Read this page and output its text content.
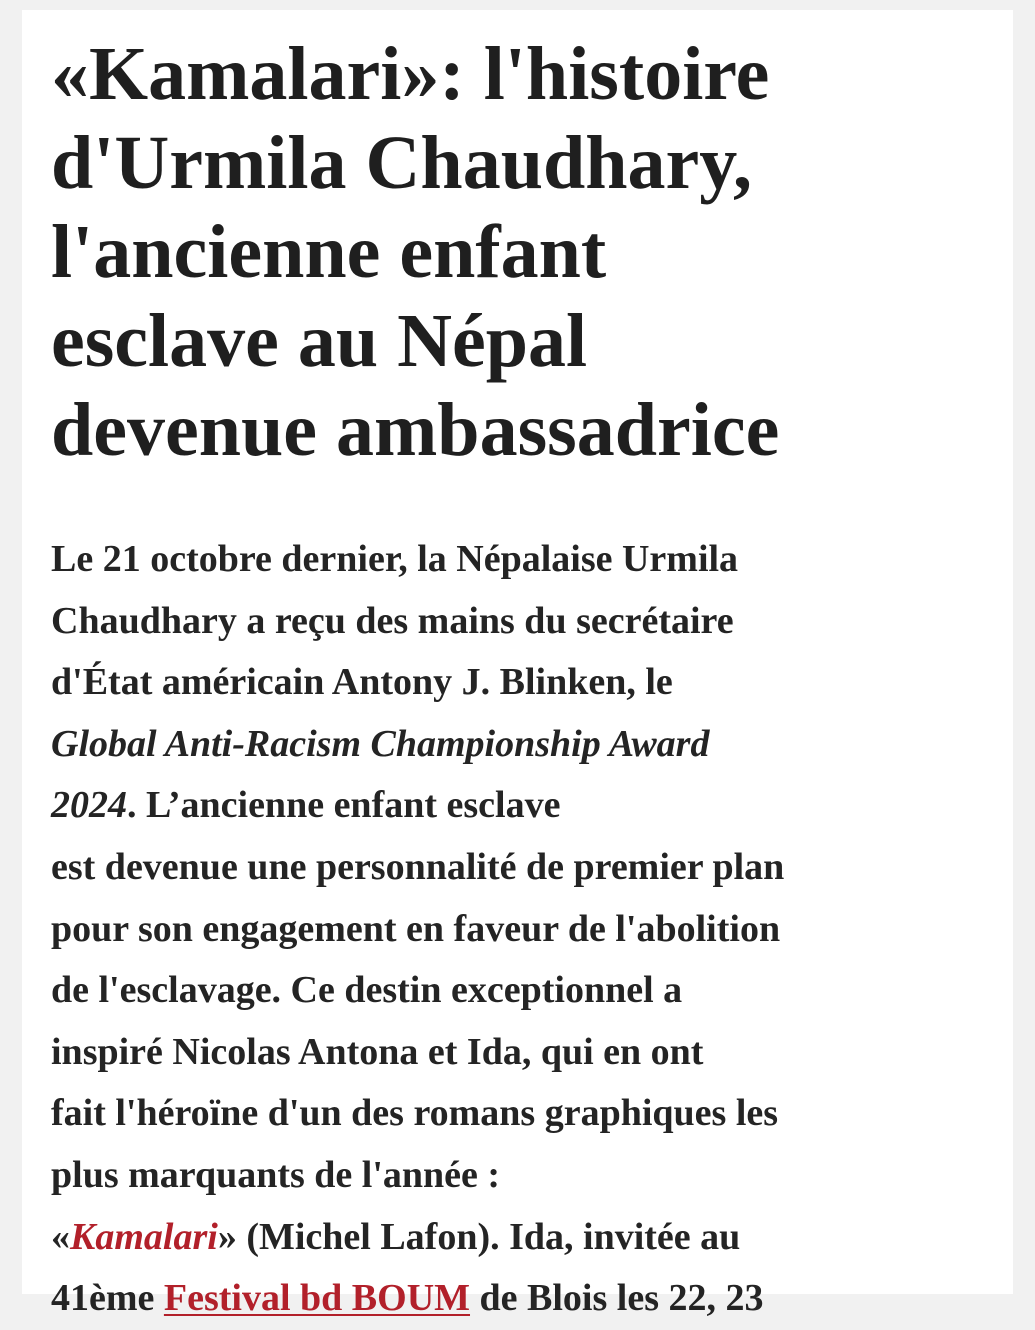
«Kamalari»: l'histoire
d'Urmila Chaudhary,
l'ancienne enfant
esclave au Népal
devenue ambassadrice

Le 21 octobre dernier, la Népalaise Urmila
Chaudhary a reçu des mains du secrétaire
d'État américain Antony J. Blinken, le
Global Anti-Racism Championship Award
2024. L’ancienne enfant esclave
est devenue une personnalité de premier plan
pour son engagement en faveur de l'abolition
de l'esclavage. Ce destin exceptionnel a
inspiré Nicolas Antona et Ida, qui en ont
fait l'héroïne d'un des romans graphiques les
plus marquants de l'année :
«Kamalari» (Michel Lafon). Ida, invitée au
41ème Festival bd BOUM de Blois les 22, 23
